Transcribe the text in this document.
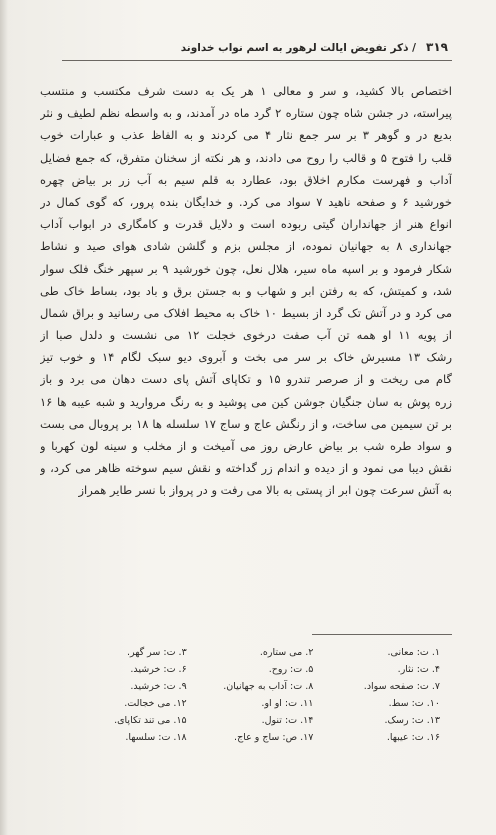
۳۱۹
/ ذکر تفویض ایالت لرهور به اسم نواب خداوند
اختصاص بالا کشید، و سر و معالی ۱ هر یک به دست شرف مکتسب و منتسب
پیراسته، در جشن شاه چون ستاره ۲ گرد ماه در آمدند، و به واسطه نظم لطیف و نثر
بدیع در و گوهر ۳ بر سر جمع نثار ۴ می کردند و به الفاظ عذب و عبارات خوب
قلب را فتوح ۵ و قالب را روح می دادند، و هر نکته از سخنان متفرق، که جمع فضایل
آداب و فهرست مکارم اخلاق بود، عطارد به قلم سیم به آب زر بر بیاض چهره
خورشید ۶ و صفحه ناهید ۷ سواد می کرد. و خدایگان بنده پرور، که گوی کمال در
انواع هنر از جهانداران گیتی ربوده است و دلایل قدرت و کامگاری در ابواب آداب
جهانداری ۸ به جهانیان نموده، از مجلس بزم و گلشن شادی هوای صید و نشاط
شکار فرمود و بر اسپه ماه سیر، هلال نعل، چون خورشید ۹ بر سپهر خنگ فلک سوار
شد، و کمیتش، که به رفتن ابر و شهاب و به جستن برق و باد بود، بساط خاک طی
می کرد و در آتش تک گرد از بسیط ۱۰ خاک به محیط افلاک می رسانید و براق شمال
از پویه ۱۱ او همه تن آب صفت درخوی خجلت ۱۲ می نشست و دلدل صبا از
رشک ۱۳ مسیرش خاک بر سر می بخت و آبروی دیو سبک لگام ۱۴ و خوب تیز
گام می ریخت و از صرصر تندرو ۱۵ و تکاپای آتش پای دست دهان می برد و باز
زره پوش به سان جنگیان جوشن کین می پوشید و به رنگ مروارید و شبه عیبه ها ۱۶
بر تن سیمین می ساخت، و از رنگش عاج و ساج ۱۷ سلسله ها ۱۸ بر پروبال می بست
و سواد طره شب بر بیاض عارض روز می آمیخت و از مخلب و سینه لون کهربا و
نقش دیبا می نمود و از دیده و اندام زر گداخته و نقش سیم سوخته ظاهر می کرد، و
به آتش سرعت چون ابر از پستی به بالا می رفت و در پرواز با نسر طایر همراز
۱. ت: معانی.
۲. می ستاره.
۳. ت: سر گهر.
۴. ت: نثار.
۵. ت: روح.
۶. ت: خرشید.
۷. ت: صفحه سواد.
۸. ت: آداب به جهانیان.
۹. ت: خرشید.
۱۰. ت: سط.
۱۱. ت: او او.
۱۲. می خجالت.
۱۳. ت: رسک.
۱۴. ت: تنول.
۱۵. می تند تکاپای.
۱۶. ت: عیبها.
۱۷. ص: ساج و عاج.
۱۸. ت: سلسها.
